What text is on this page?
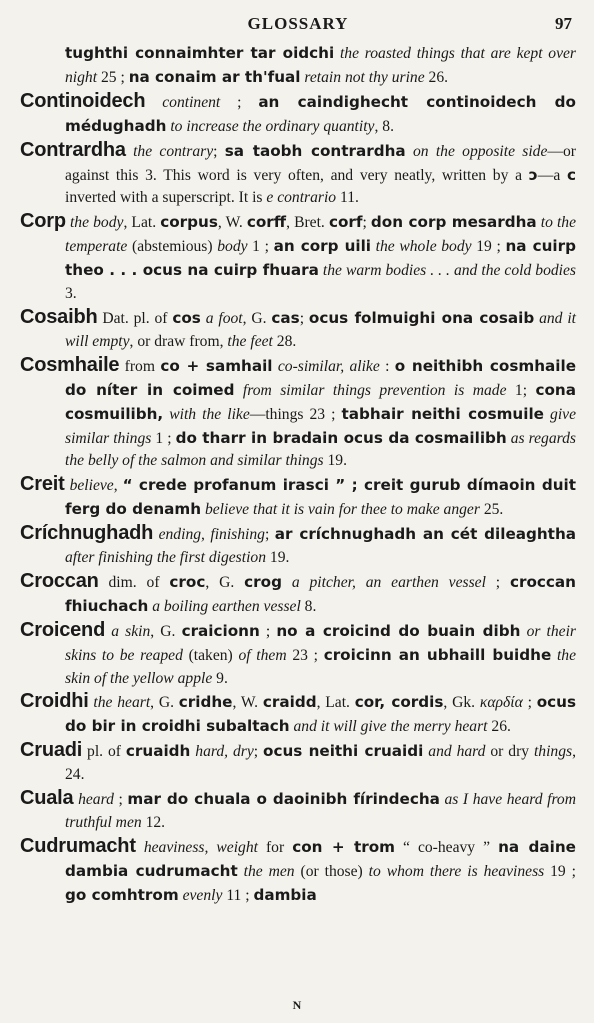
GLOSSARY	97

tughthi connaimhter tar oidchi the roasted things that are kept over night 25 ; na conaim ar th'fual retain not thy urine 26.

Continoidech continent ; an caindighecht continoidech do médughadh to increase the ordinary quantity, 8.

Contrardha the contrary; sa taobh contrardha on the opposite side—or against this 3. This word is very often, and very neatly, written by a ɔ—a c inverted with a superscript. It is e contrario 11.

Corp the body, Lat. corpus, W. corff, Bret. corf; don corp mesardha to the temperate (abstemious) body 1 ; an corp uili the whole body 19 ; na cuirp theo . . . ocus na cuirp fhuara the warm bodies . . . and the cold bodies 3.

Cosaibh Dat. pl. of cos a foot, G. cas; ocus folmuighi ona cosaib and it will empty, or draw from, the feet 28.

Cosmhaile from co + samhail co-similar, alike : o neithibh cosmhaile do níter in coimed from similar things prevention is made 1; cona cosmuilibh, with the like—things 23 ; tabhair neithi cosmuile give similar things 1 ; do tharr in bradain ocus da cosmailibh as regards the belly of the salmon and similar things 19.

Creit believe, “ crede profanum irasci ” ; creit gurub dímaoin duit ferg do denamh believe that it is vain for thee to make anger 25.

Críchnughadh ending, finishing; ar críchnughadh an cét dileaghtha after finishing the first digestion 19.

Croccan dim. of croc, G. crog a pitcher, an earthen vessel ; croccan fhiuchach a boiling earthen vessel 8.

Croicend a skin, G. craicionn ; no a croicind do buain dibh or their skins to be reaped (taken) of them 23 ; croicinn an ubhaill buidhe the skin of the yellow apple 9.

Croidhi the heart, G. cridhe, W. craidd, Lat. cor, cordis, Gk. καρδία ; ocus do bir in croidhi subaltach and it will give the merry heart 26.

Cruadi pl. of cruaidh hard, dry; ocus neithi cruaidi and hard or dry things, 24.

Cuala heard ; mar do chuala o daoinibh fírindecha as I have heard from truthful men 12.

Cudrumacht heaviness, weight for con + trom “ co-heavy ” na daine dambia cudrumacht the men (or those) to whom there is heaviness 19 ; go comhtrom evenly 11 ; dambia

N
